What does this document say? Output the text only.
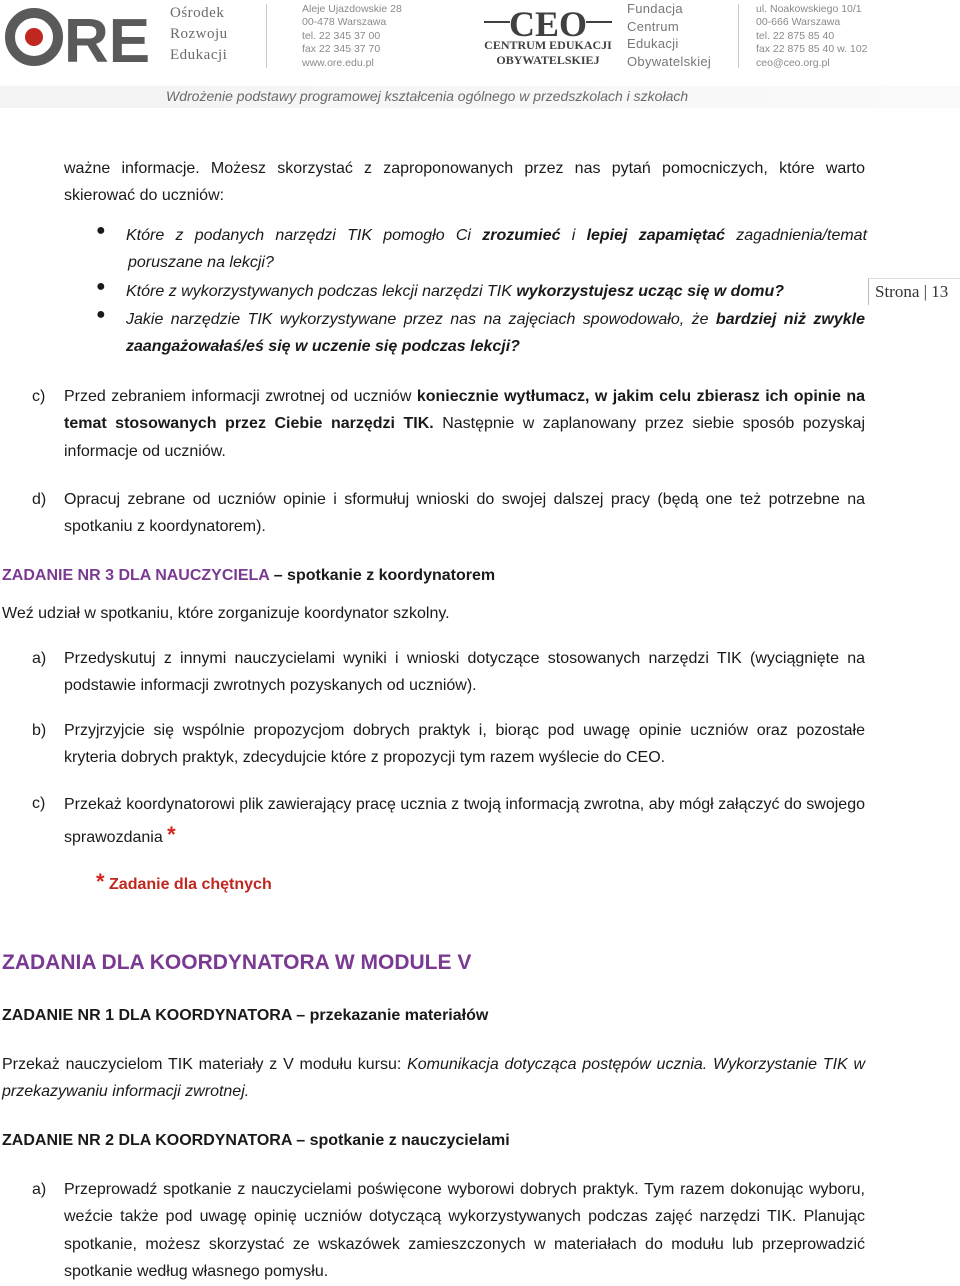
RE Ośrodek
Rozwoju
Edukacji
Aleje Ujazdowskie 28
00-478 Warszawa
tel. 22 345 37 00
fax 22 345 37 70
www.ore.edu.pl
CEO
CENTRUM EDUKACJI
OBYWATELSKIEJ
Fundacja
Centrum
Edukacji
Obywatelskiej
ul. Noakowskiego 10/1
00-666 Warszawa
tel. 22 875 85 40
fax 22 875 85 40 w. 102
ceo@ceo.org.pl
Wdrożenie podstawy programowej kształcenia ogólnego w przedszkolach i szkołach
Strona | 13
ważne informacje. Możesz skorzystać z zaproponowanych przez nas pytań pomocniczych, które warto skierować do uczniów:
● Które z podanych narzędzi TIK pomogło Ci zrozumieć i lepiej zapamiętać zagadnienia/temat poruszane na lekcji?
● Które z wykorzystywanych podczas lekcji narzędzi TIK wykorzystujesz ucząc się w domu?
● Jakie narzędzie TIK wykorzystywane przez nas na zajęciach spowodowało, że bardziej niż zwykle zaangażowałaś/eś się w uczenie się podczas lekcji?
c) Przed zebraniem informacji zwrotnej od uczniów koniecznie wytłumacz, w jakim celu zbierasz ich opinie na temat stosowanych przez Ciebie narzędzi TIK. Następnie w zaplanowany przez siebie sposób pozyskaj informacje od uczniów.
d) Opracuj zebrane od uczniów opinie i sformułuj wnioski do swojej dalszej pracy (będą one też potrzebne na spotkaniu z koordynatorem).
ZADANIE NR 3 DLA NAUCZYCIELA – spotkanie z koordynatorem
Weź udział w spotkaniu, które zorganizuje koordynator szkolny.
a) Przedyskutuj z innymi nauczycielami wyniki i wnioski dotyczące stosowanych narzędzi TIK (wyciągnięte na podstawie informacji zwrotnych pozyskanych od uczniów).
b) Przyjrzyjcie się wspólnie propozycjom dobrych praktyk i, biorąc pod uwagę opinie uczniów oraz pozostałe kryteria dobrych praktyk, zdecydujcie które z propozycji tym razem wyślecie do CEO.
c) Przekaż koordynatorowi plik zawierający pracę ucznia z twoją informacją zwrotna, aby mógł załączyć do swojego sprawozdania *
* Zadanie dla chętnych
ZADANIA DLA KOORDYNATORA W MODULE V
ZADANIE NR 1 DLA KOORDYNATORA – przekazanie materiałów
Przekaż nauczycielom TIK materiały z V modułu kursu: Komunikacja dotycząca postępów ucznia. Wykorzystanie TIK w przekazywaniu informacji zwrotnej.
ZADANIE NR 2 DLA KOORDYNATORA – spotkanie z nauczycielami
a) Przeprowadź spotkanie z nauczycielami poświęcone wyborowi dobrych praktyk. Tym razem dokonując wyboru, weźcie także pod uwagę opinię uczniów dotyczącą wykorzystywanych podczas zajęć narzędzi TIK. Planując spotkanie, możesz skorzystać ze wskazówek zamieszczonych w materiałach do modułu lub przeprowadzić spotkanie według własnego pomysłu.
